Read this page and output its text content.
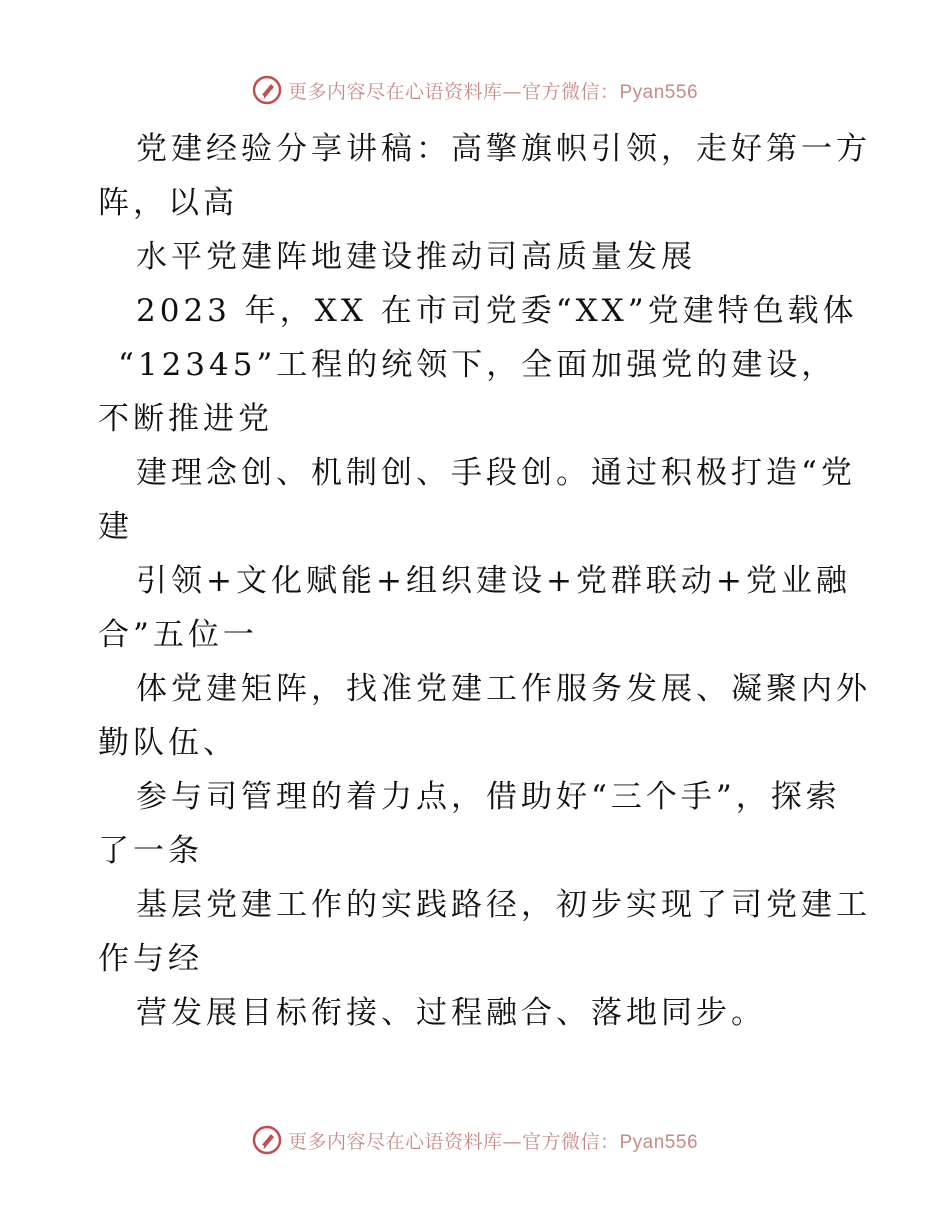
更多内容尽在心语资料库—官方微信：Pyan556
党建经验分享讲稿：高擎旗帜引领，走好第一方
阵，以高
水平党建阵地建设推动司高质量发展
2023 年，XX 在市司党委“XX”党建特色载体
“12345”工程的统领下，全面加强党的建设，
不断推进党
建理念创、机制创、手段创。通过积极打造“党
建
引领+文化赋能+组织建设+党群联动+党业融
合”五位一
体党建矩阵，找准党建工作服务发展、凝聚内外
勤队伍、
参与司管理的着力点，借助好“三个手”，探索
了一条
基层党建工作的实践路径，初步实现了司党建工
作与经
营发展目标衔接、过程融合、落地同步。
更多内容尽在心语资料库—官方微信：Pyan556
